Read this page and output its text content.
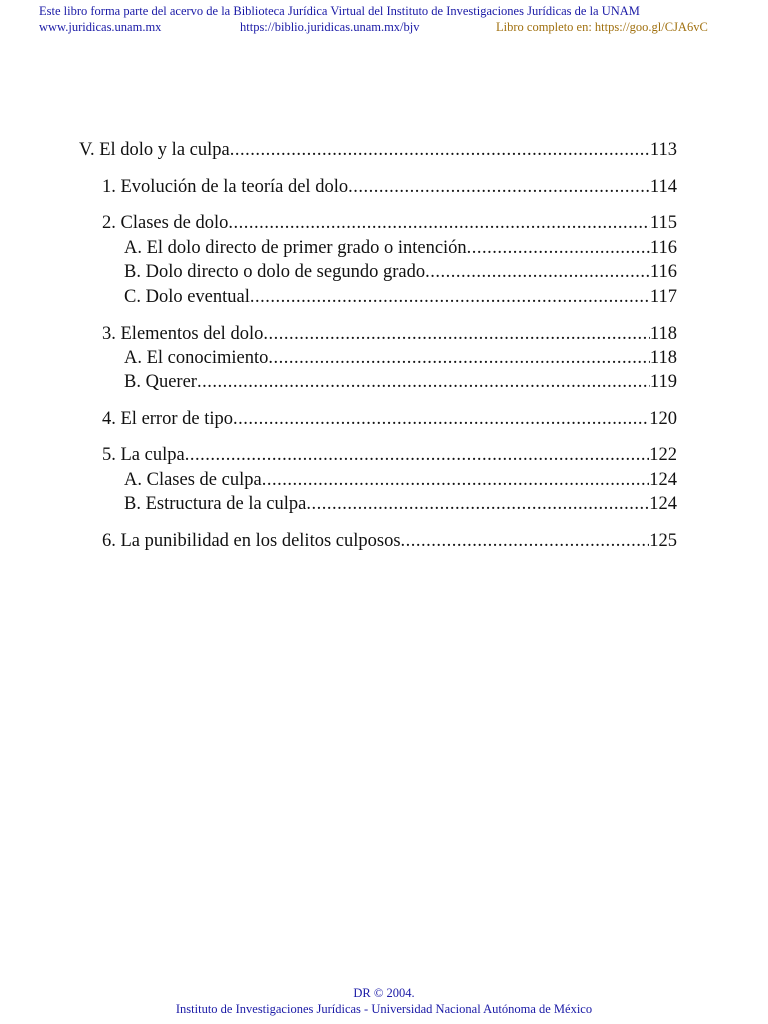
Este libro forma parte del acervo de la Biblioteca Jurídica Virtual del Instituto de Investigaciones Jurídicas de la UNAM
www.juridicas.unam.mx	https://biblio.juridicas.unam.mx/bjv	Libro completo en: https://goo.gl/CJA6vC
V. El dolo y la culpa .....	113
1. Evolución de la teoría del dolo .....	114
2. Clases de dolo .....	115
A. El dolo directo de primer grado o intención .....	116
B. Dolo directo o dolo de segundo grado .....	116
C. Dolo eventual .....	117
3. Elementos del dolo .....	118
A. El conocimiento .....	118
B. Querer .....	119
4. El error de tipo .....	120
5. La culpa .....	122
A. Clases de culpa .....	124
B. Estructura de la culpa .....	124
6. La punibilidad en los delitos culposos .....	125
DR © 2004.
Instituto de Investigaciones Jurídicas - Universidad Nacional Autónoma de México
